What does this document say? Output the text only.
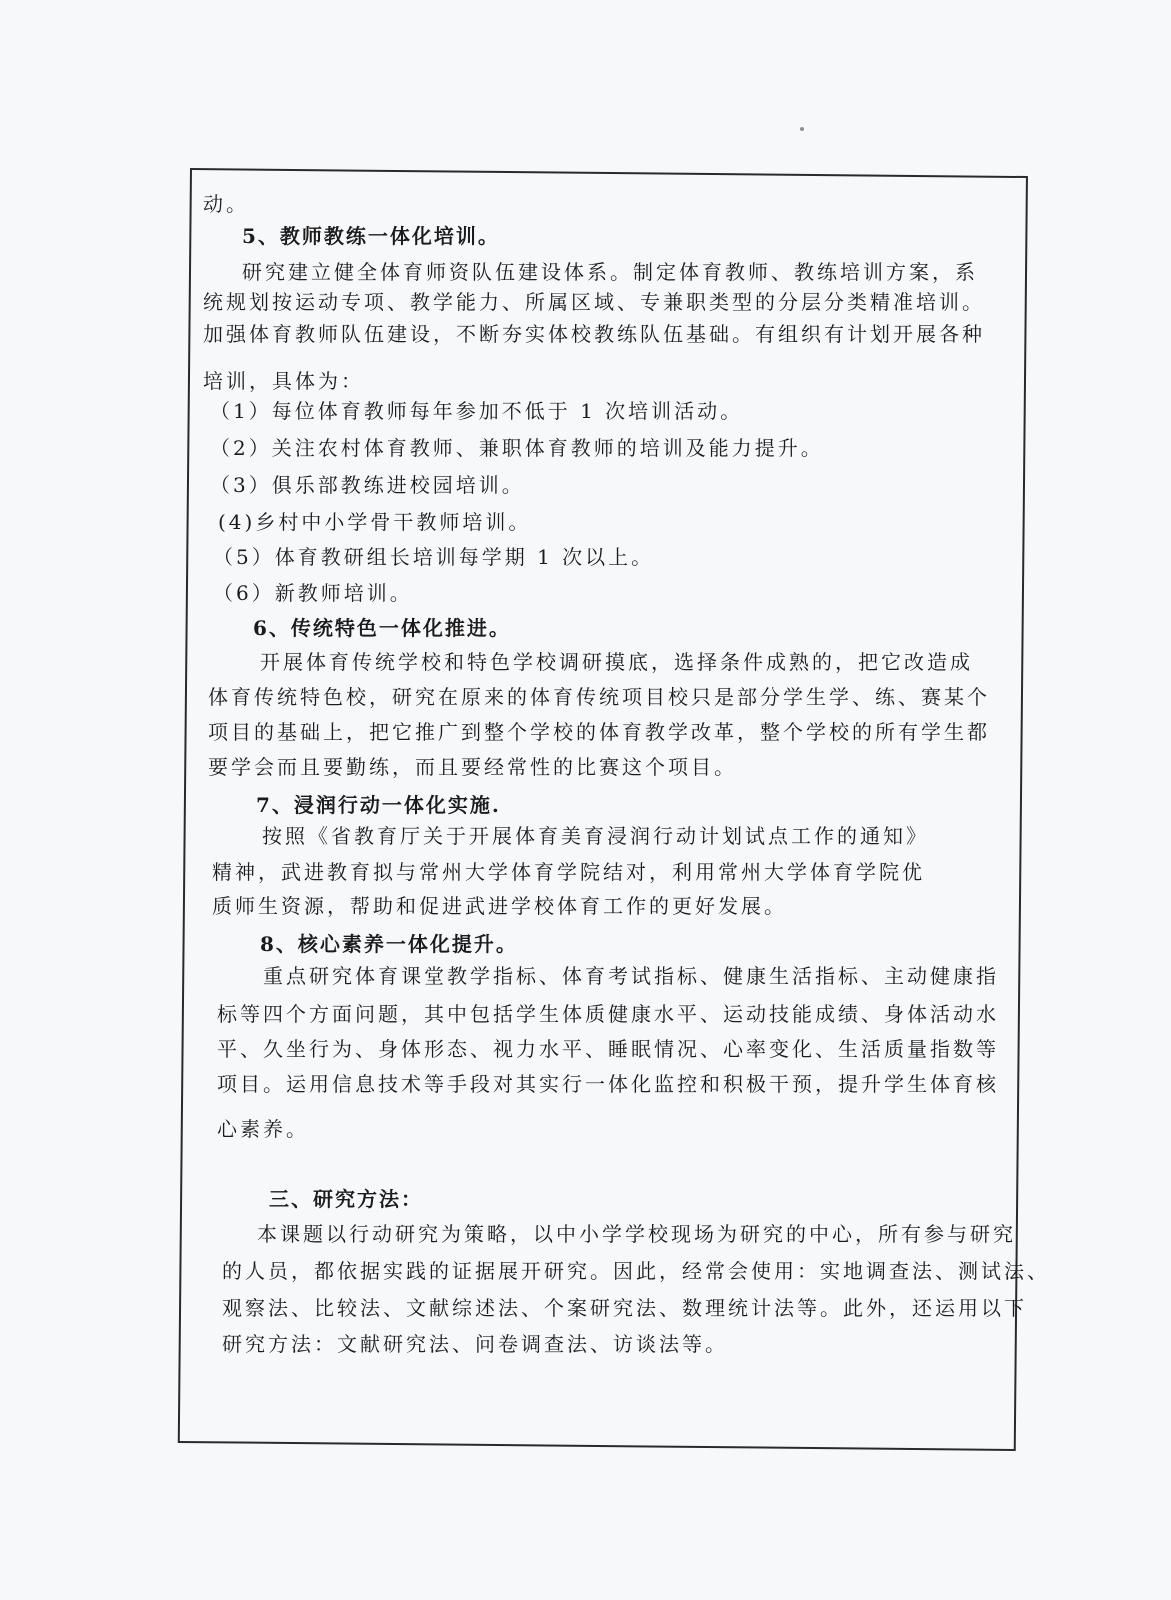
动。
5、教师教练一体化培训。
研究建立健全体育师资队伍建设体系。制定体育教师、教练培训方案，系
统规划按运动专项、教学能力、所属区域、专兼职类型的分层分类精准培训。
加强体育教师队伍建设，不断夯实体校教练队伍基础。有组织有计划开展各种
培训，具体为：
（1）每位体育教师每年参加不低于 1 次培训活动。
（2）关注农村体育教师、兼职体育教师的培训及能力提升。
（3）俱乐部教练进校园培训。
(4)乡村中小学骨干教师培训。
（5）体育教研组长培训每学期 1 次以上。
（6）新教师培训。
6、传统特色一体化推进。
开展体育传统学校和特色学校调研摸底，选择条件成熟的，把它改造成
体育传统特色校，研究在原来的体育传统项目校只是部分学生学、练、赛某个
项目的基础上，把它推广到整个学校的体育教学改革，整个学校的所有学生都
要学会而且要勤练，而且要经常性的比赛这个项目。
7、浸润行动一体化实施.
按照《省教育厅关于开展体育美育浸润行动计划试点工作的通知》
精神，武进教育拟与常州大学体育学院结对，利用常州大学体育学院优
质师生资源，帮助和促进武进学校体育工作的更好发展。
8、核心素养一体化提升。
重点研究体育课堂教学指标、体育考试指标、健康生活指标、主动健康指
标等四个方面问题，其中包括学生体质健康水平、运动技能成绩、身体活动水
平、久坐行为、身体形态、视力水平、睡眠情况、心率变化、生活质量指数等
项目。运用信息技术等手段对其实行一体化监控和积极干预，提升学生体育核
心素养。
三、研究方法：
本课题以行动研究为策略，以中小学学校现场为研究的中心，所有参与研究
的人员，都依据实践的证据展开研究。因此，经常会使用：实地调查法、测试法、
观察法、比较法、文献综述法、个案研究法、数理统计法等。此外，还运用以下
研究方法：文献研究法、问卷调查法、访谈法等。
